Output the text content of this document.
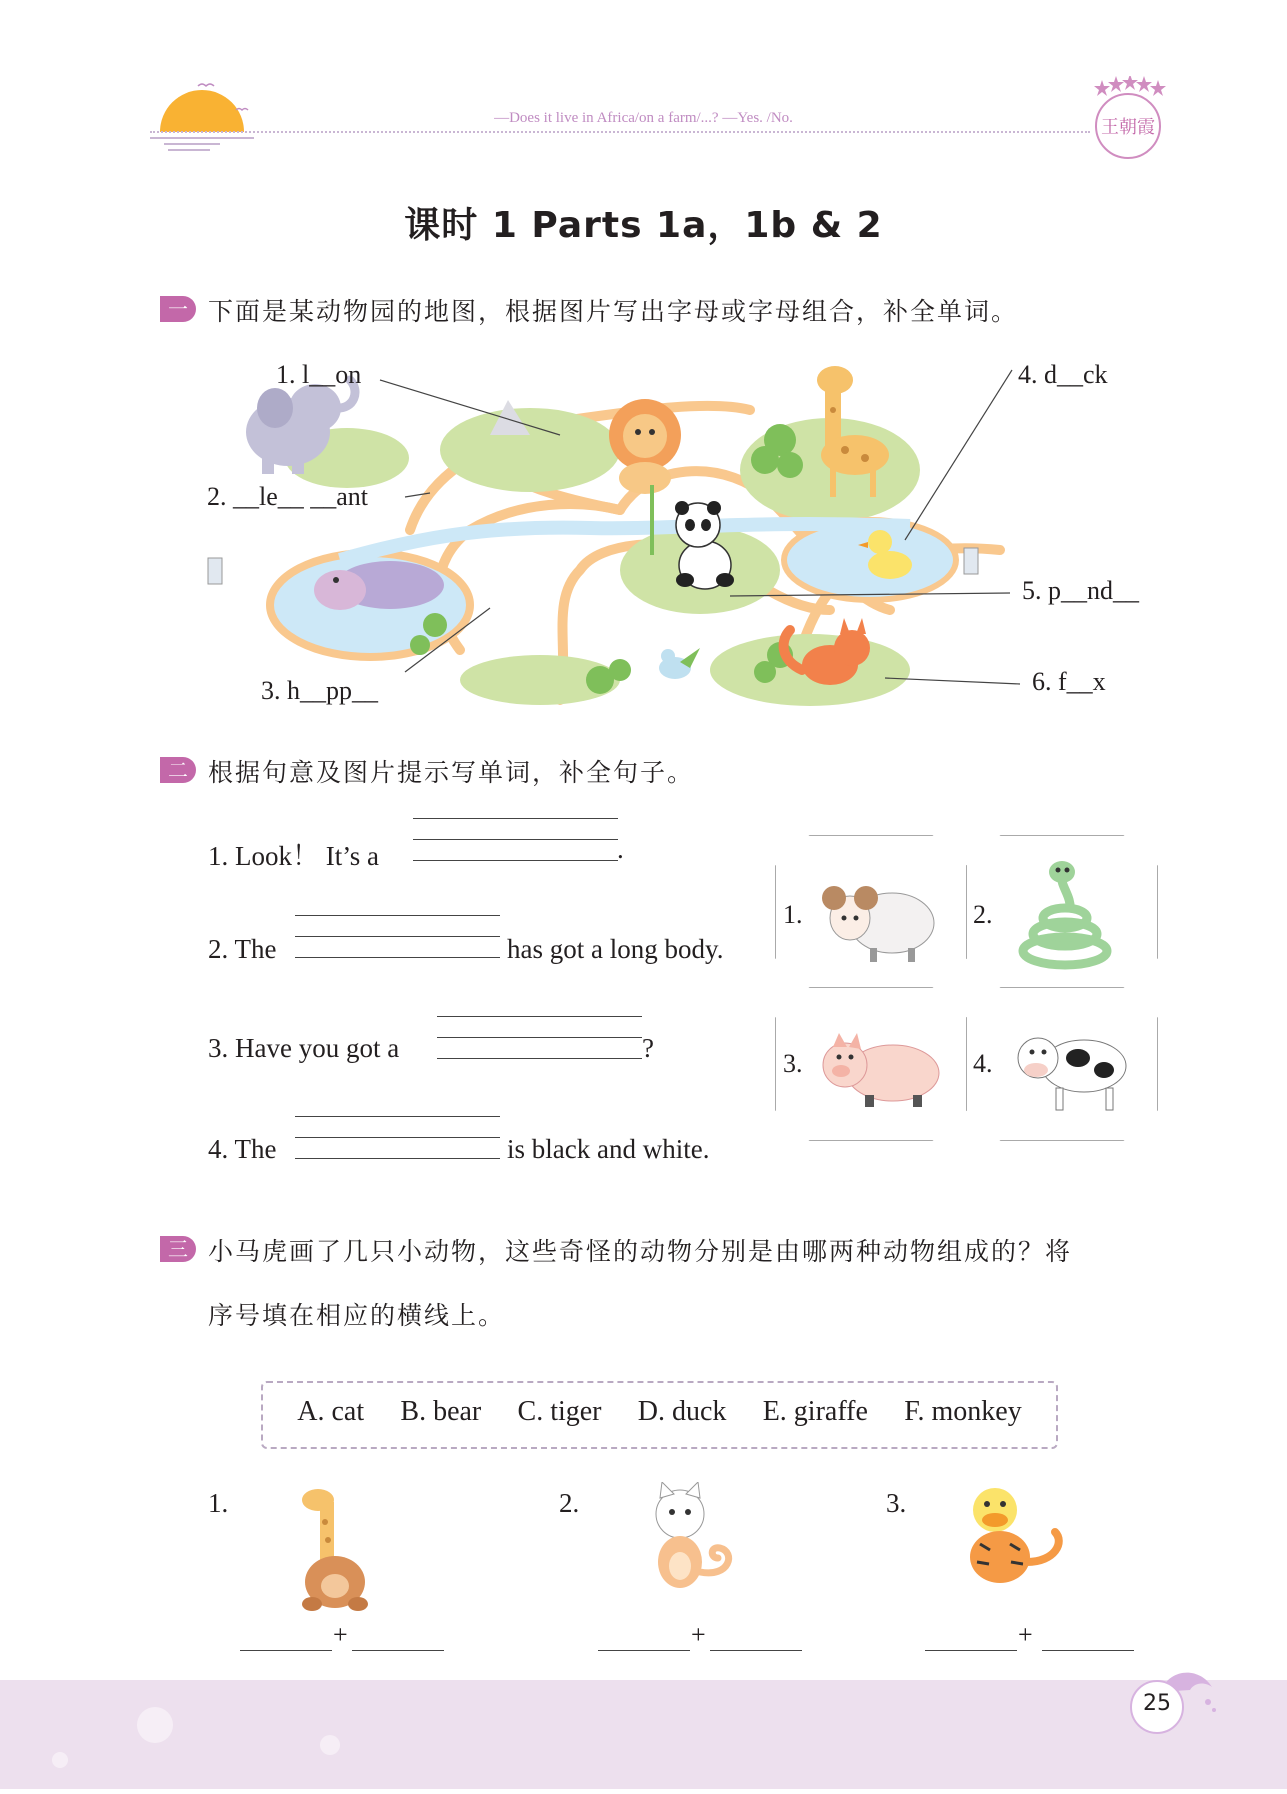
—Does it live in Africa/on a farm/...? —Yes. /No.	王朝霞
课时 1 Parts 1a，1b & 2
一 下面是某动物园的地图，根据图片写出字母或字母组合，补全单词。
1. l__on
2. __le__ __ant
3. h__pp__
4. d__ck
5. p__nd__
6. f__x
二 根据句意及图片提示写单词，补全句子。
1. Look！ It’s a	.
2. The	has got a long body.
3. Have you got a	?
4. The	is black and white.
1.	2.
3.	4.
三 小马虎画了几只小动物，这些奇怪的动物分别是由哪两种动物组成的？将
序号填在相应的横线上。
A. cat B. bear C. tiger D. duck E. giraffe F. monkey
1.	2.	3.
+	+	+
25
